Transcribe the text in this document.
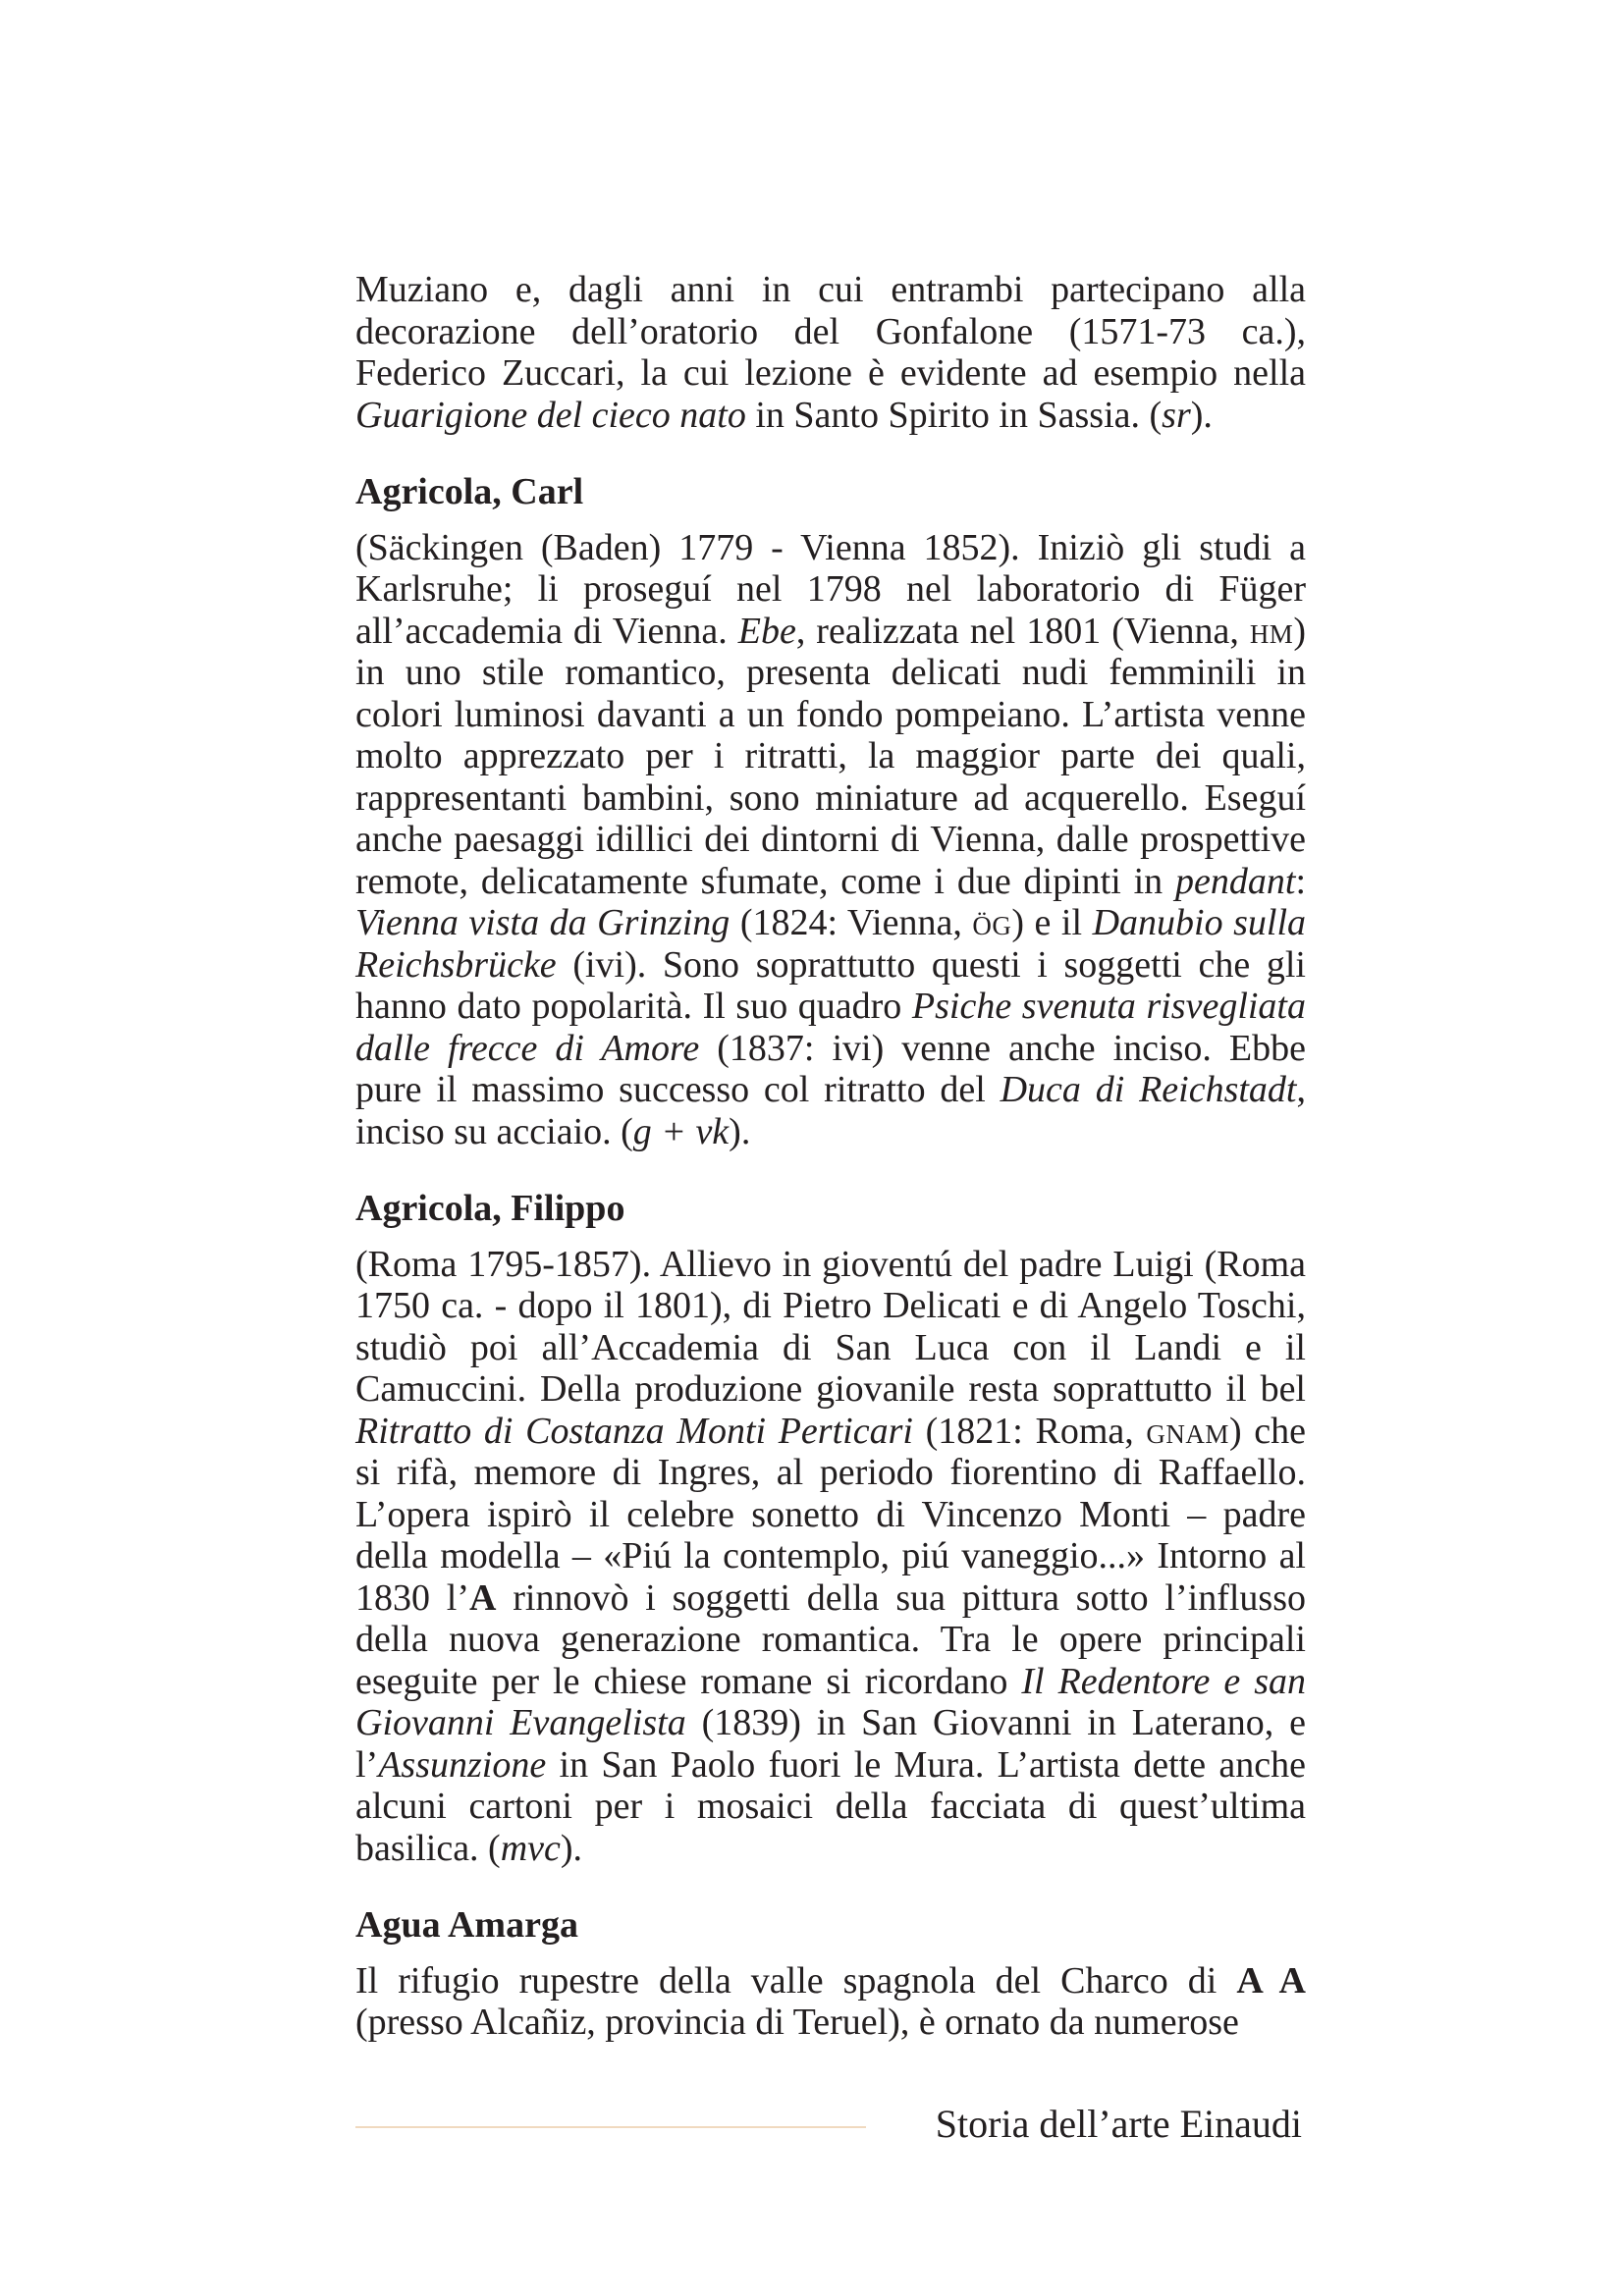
Muziano e, dagli anni in cui entrambi partecipano alla decorazione dell’oratorio del Gonfalone (1571-73 ca.), Federico Zuccari, la cui lezione è evidente ad esempio nella Guarigione del cieco nato in Santo Spirito in Sassia. (sr).

Agricola, Carl

(Säckingen (Baden) 1779 - Vienna 1852). Iniziò gli studi a Karlsruhe; li proseguí nel 1798 nel laboratorio di Füger all’accademia di Vienna. Ebe, realizzata nel 1801 (Vienna, hm) in uno stile romantico, presenta delicati nudi femminili in colori luminosi davanti a un fondo pompeiano. L’artista venne molto apprezzato per i ritratti, la maggior parte dei quali, rappresentanti bambini, sono miniature ad acquerello. Eseguí anche paesaggi idillici dei dintorni di Vienna, dalle prospettive remote, delicatamente sfumate, come i due dipinti in pendant: Vienna vista da Grinzing (1824: Vienna, ög) e il Danubio sulla Reichsbrücke (ivi). Sono soprattutto questi i soggetti che gli hanno dato popolarità. Il suo quadro Psiche svenuta risvegliata dalle frecce di Amore (1837: ivi) venne anche inciso. Ebbe pure il massimo successo col ritratto del Duca di Reichstadt, inciso su acciaio. (g + vk).

Agricola, Filippo

(Roma 1795-1857). Allievo in gioventú del padre Luigi (Roma 1750 ca. - dopo il 1801), di Pietro Delicati e di Angelo Toschi, studiò poi all’Accademia di San Luca con il Landi e il Camuccini. Della produzione giovanile resta soprattutto il bel Ritratto di Costanza Monti Perticari (1821: Roma, gnam) che si rifà, memore di Ingres, al periodo fiorentino di Raffaello. L’opera ispirò il celebre sonetto di Vincenzo Monti – padre della modella – «Piú la contemplo, piú vaneggio...» Intorno al 1830 l’A rinnovò i soggetti della sua pittura sotto l’influsso della nuova generazione romantica. Tra le opere principali eseguite per le chiese romane si ricordano Il Redentore e san Giovanni Evangelista (1839) in San Giovanni in Laterano, e l’Assunzione in San Paolo fuori le Mura. L’artista dette anche alcuni cartoni per i mosaici della facciata di quest’ultima basilica. (mvc).

Agua Amarga

Il rifugio rupestre della valle spagnola del Charco di A A (presso Alcañiz, provincia di Teruel), è ornato da numerose

Storia dell’arte Einaudi
